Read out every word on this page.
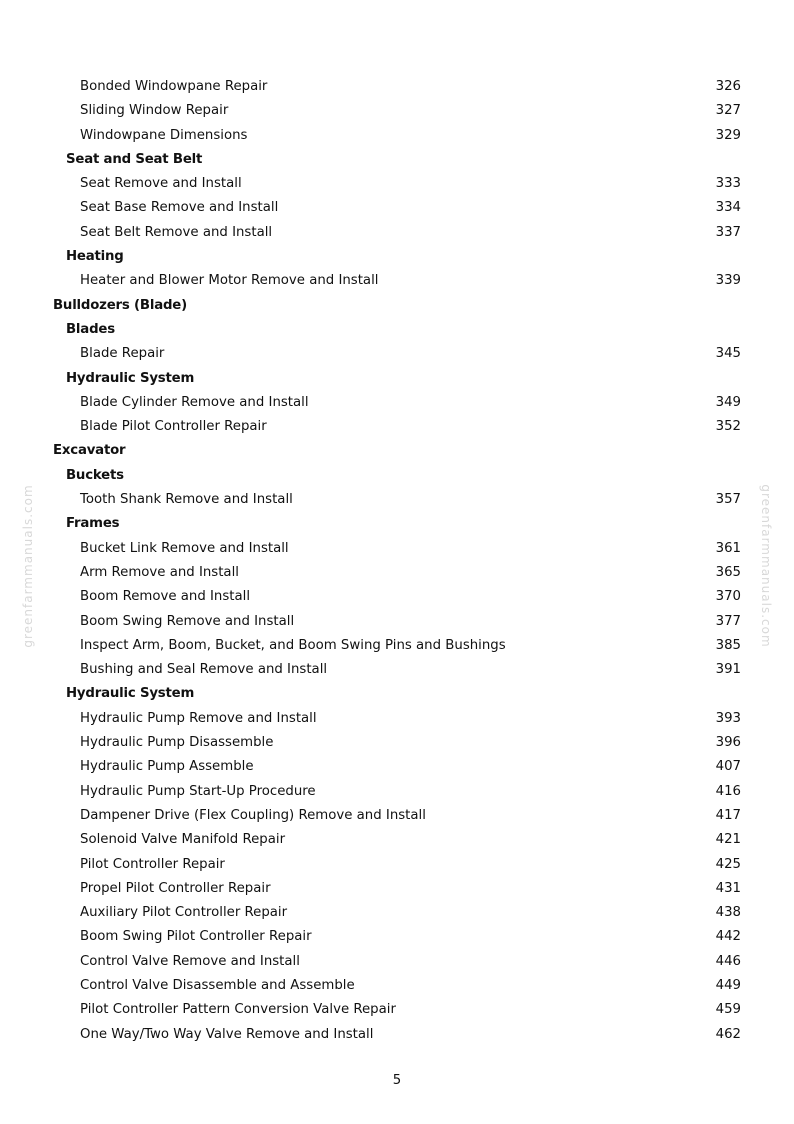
Bonded Windowpane Repair	326
Sliding Window Repair	327
Windowpane Dimensions	329
Seat and Seat Belt
Seat Remove and Install	333
Seat Base Remove and Install	334
Seat Belt Remove and Install	337
Heating
Heater and Blower Motor Remove and Install	339
Bulldozers (Blade)
Blades
Blade Repair	345
Hydraulic System
Blade Cylinder Remove and Install	349
Blade Pilot Controller Repair	352
Excavator
Buckets
Tooth Shank Remove and Install	357
Frames
Bucket Link Remove and Install	361
Arm Remove and Install	365
Boom Remove and Install	370
Boom Swing Remove and Install	377
Inspect Arm, Boom, Bucket, and Boom Swing Pins and Bushings	385
Bushing and Seal Remove and Install	391
Hydraulic System
Hydraulic Pump Remove and Install	393
Hydraulic Pump Disassemble	396
Hydraulic Pump Assemble	407
Hydraulic Pump Start-Up Procedure	416
Dampener Drive (Flex Coupling) Remove and Install	417
Solenoid Valve Manifold Repair	421
Pilot Controller Repair	425
Propel Pilot Controller Repair	431
Auxiliary Pilot Controller Repair	438
Boom Swing Pilot Controller Repair	442
Control Valve Remove and Install	446
Control Valve Disassemble and Assemble	449
Pilot Controller Pattern Conversion Valve Repair	459
One Way/Two Way Valve Remove and Install	462
greenfarmmanuals.com	greenfarmmanuals.com
5
